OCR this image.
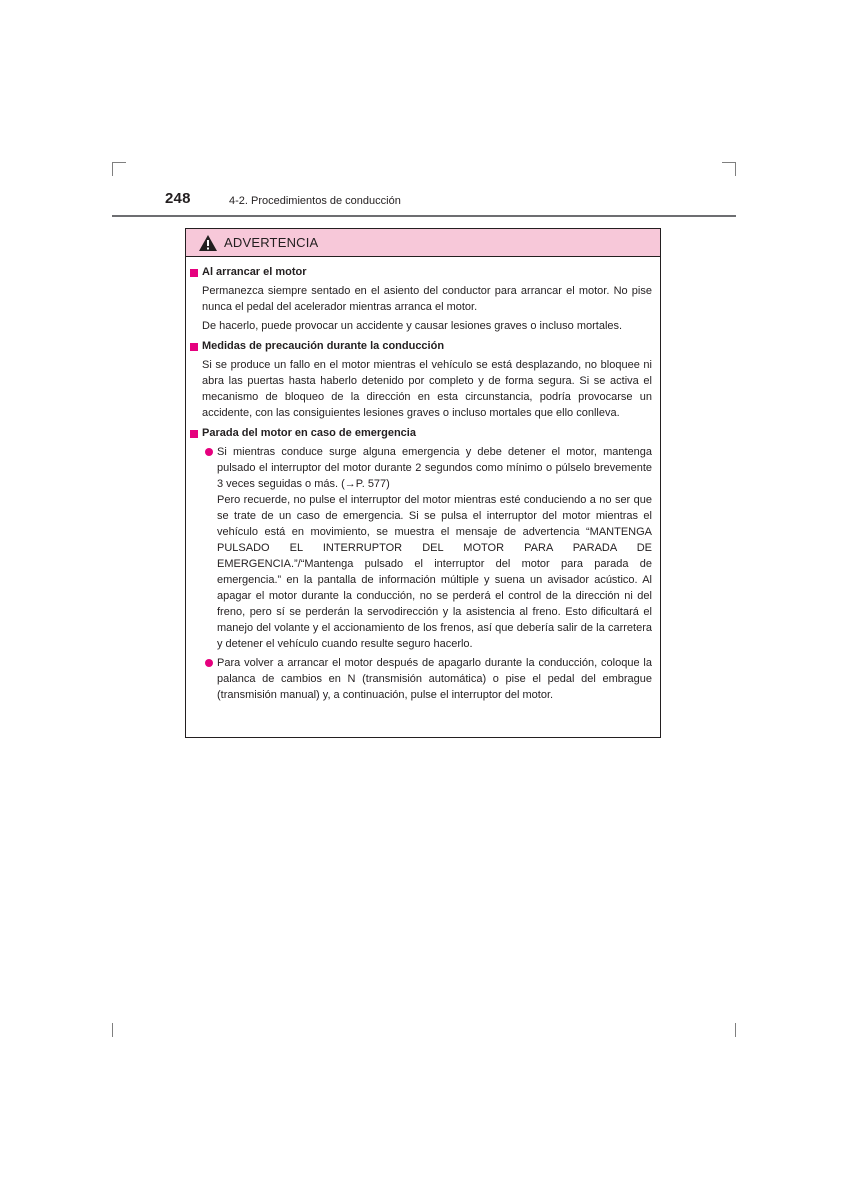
248	4-2. Procedimientos de conducción
ADVERTENCIA
Al arrancar el motor

Permanezca siempre sentado en el asiento del conductor para arrancar el motor. No pise nunca el pedal del acelerador mientras arranca el motor.

De hacerlo, puede provocar un accidente y causar lesiones graves o incluso mortales.

Medidas de precaución durante la conducción

Si se produce un fallo en el motor mientras el vehículo se está desplazando, no bloquee ni abra las puertas hasta haberlo detenido por completo y de forma segura. Si se activa el mecanismo de bloqueo de la dirección en esta circunstancia, podría provocarse un accidente, con las consiguientes lesiones graves o incluso mortales que ello conlleva.

Parada del motor en caso de emergencia

Si mientras conduce surge alguna emergencia y debe detener el motor, mantenga pulsado el interruptor del motor durante 2 segundos como mínimo o púlselo brevemente 3 veces seguidas o más. (→P. 577)

Pero recuerde, no pulse el interruptor del motor mientras esté conduciendo a no ser que se trate de un caso de emergencia. Si se pulsa el interruptor del motor mientras el vehículo está en movimiento, se muestra el mensaje de advertencia “MANTENGA PULSADO EL INTERRUPTOR DEL MOTOR PARA PARADA DE EMERGENCIA.”/“Mantenga pulsado el interruptor del motor para parada de emergencia.” en la pantalla de información múltiple y suena un avisador acústico. Al apagar el motor durante la conducción, no se perderá el control de la dirección ni del freno, pero sí se perderán la servodirección y la asistencia al freno. Esto dificultará el manejo del volante y el accionamiento de los frenos, así que debería salir de la carretera y detener el vehículo cuando resulte seguro hacerlo.

Para volver a arrancar el motor después de apagarlo durante la conducción, coloque la palanca de cambios en N (transmisión automática) o pise el pedal del embrague (transmisión manual) y, a continuación, pulse el interruptor del motor.
